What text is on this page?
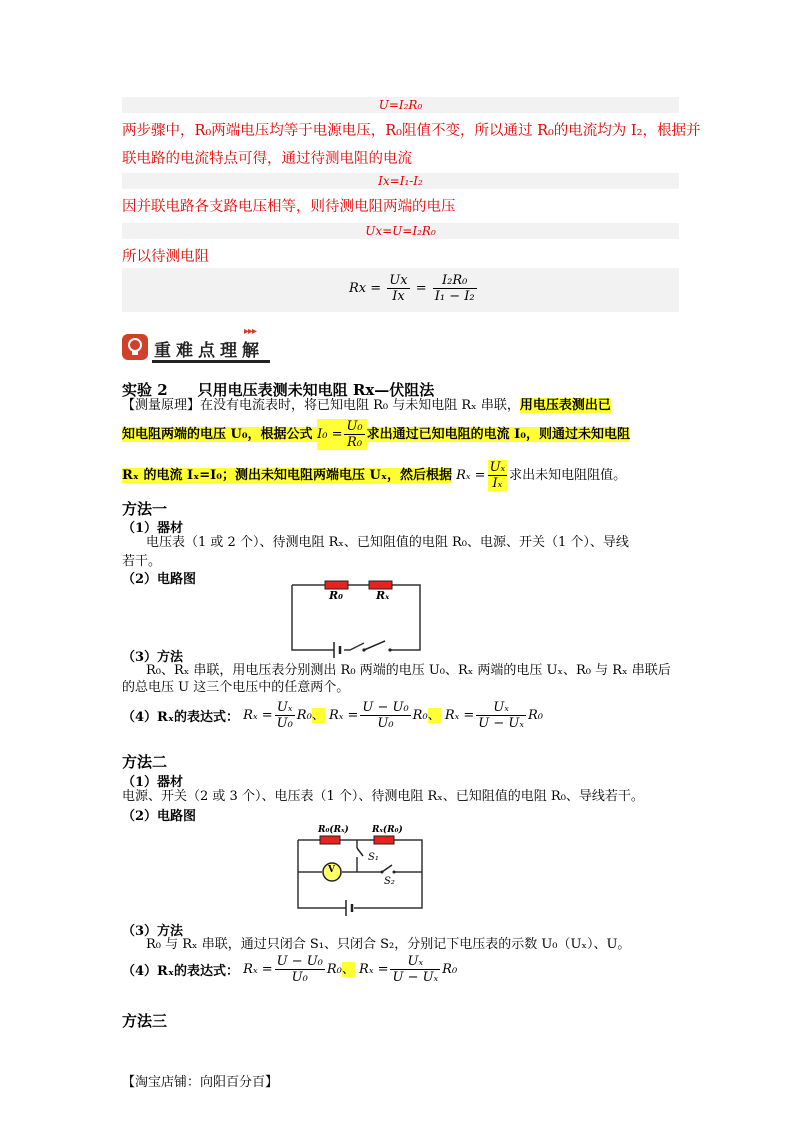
U=I₂R₀
两步骤中，R₀两端电压均等于电源电压，R₀阻值不变，所以通过 R₀的电流均为 I₂，根据并
联电路的电流特点可得，通过待测电阻的电流
Ix=I₁-I₂
因并联电路各支路电压相等，则待测电阻两端的电压
Ux=U=I₂R₀
所以待测电阻
$Rx = \frac{Ux}{Ix} = \frac{\text{I₂R₀}}{\text{I₁ − I₂}}$
重难点理解
▸▸▸
实验 2　　只用电压表测未知电阻 Rx—伏阻法
【测量原理】在没有电流表时，将已知电阻 R₀ 与未知电阻 Rₓ 串联，用电压表测出已
知电阻两端的电压 U₀，根据公式 $I_0 = \frac{\text{U₀}}{\text{R₀}}$ 求出通过已知电阻的电流 I₀，则通过未知电阻
Rₓ 的电流 Iₓ=I₀；测出未知电阻两端电压 Uₓ，然后根据 $R_x = \frac{\text{Uₓ}}{\text{Iₓ}}$ 求出未知电阻阻值。
方法一
（1）器材
电压表（1 或 2 个）、待测电阻 Rₓ、已知阻值的电阻 R₀、电源、开关（1 个）、导线
若干。
（2）电路图
R₀	Rₓ
（3）方法
R₀、Rₓ 串联，用电压表分别测出 R₀ 两端的电压 U₀、Rₓ 两端的电压 Uₓ、R₀ 与 Rₓ 串联后
的总电压 U 这三个电压中的任意两个。
（4）Rₓ的表达式： $R_x = \frac{\text{Uₓ}}{\text{U₀}} R_0$、 $R_x = \frac{\text{U − U₀}}{\text{U₀}} R_0$、 $R_x = \frac{\text{Uₓ}}{\text{U − Uₓ}} R_0$
方法二
（1）器材
电源、开关（2 或 3 个）、电压表（1 个）、待测电阻 Rₓ、已知阻值的电阻 R₀、导线若干。
（2）电路图
R₀(Rₓ)	Rₓ(R₀)
V
S₁
S₂
（3）方法
R₀ 与 Rₓ 串联，通过只闭合 S₁、只闭合 S₂，分别记下电压表的示数 U₀（Uₓ）、U。
（4）Rₓ的表达式： $R_x = \frac{\text{U − U₀}}{\text{U₀}} R_0$、 $R_x = \frac{\text{Uₓ}}{\text{U − Uₓ}} R_0$
方法三
【淘宝店铺：向阳百分百】
